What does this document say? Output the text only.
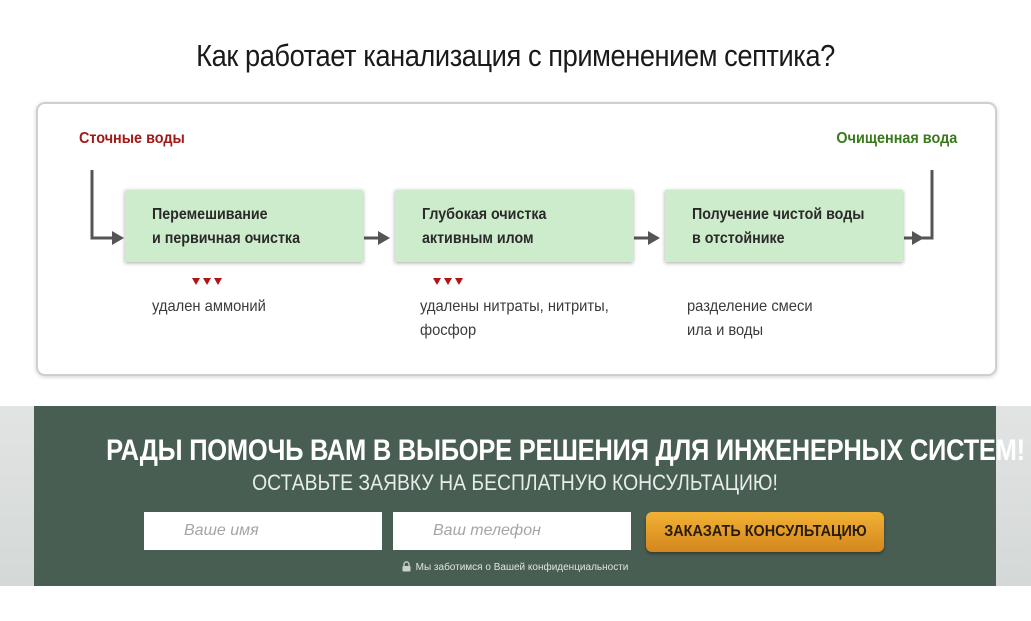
Как работает канализация с применением септика?
Сточные воды	Очищенная вода
Перемешивание
и первичная очистка
Глубокая очистка
активным илом
Получение чистой воды
в отстойнике
удален аммоний	удалены нитраты, нитриты,
фосфор
разделение смеси
ила и воды
РАДЫ ПОМОЧЬ ВАМ В ВЫБОРЕ РЕШЕНИЯ ДЛЯ ИНЖЕНЕРНЫХ СИСТЕМ!
ОСТАВЬТЕ ЗАЯВКУ НА БЕСПЛАТНУЮ КОНСУЛЬТАЦИЮ!
Ваше имя
Ваш телефон
ЗАКАЗАТЬ КОНСУЛЬТАЦИЮ
Мы заботимся о Вашей конфиденциальности
